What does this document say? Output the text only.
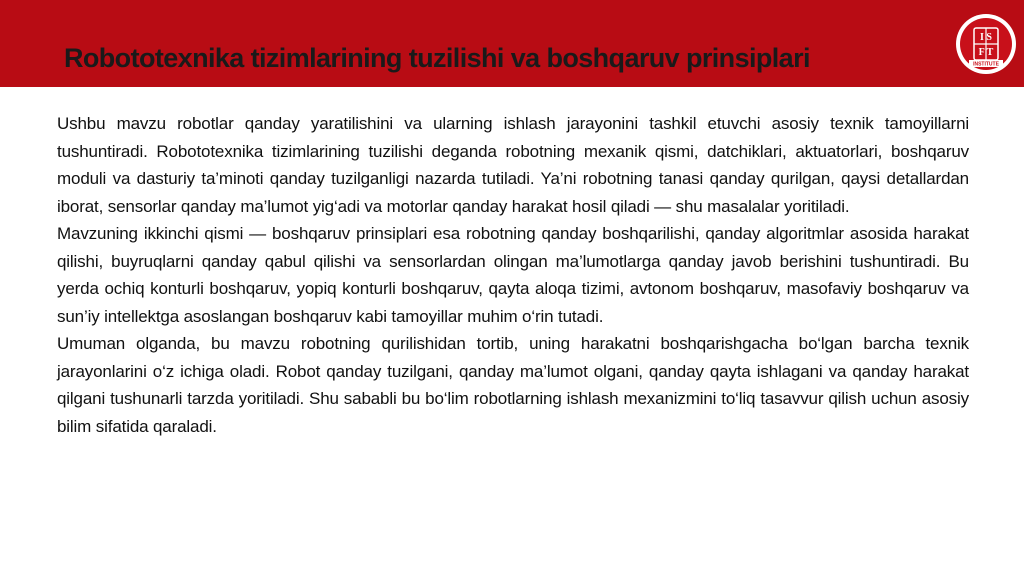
Robototexnika tizimlarining tuzilishi va boshqaruv prinsiplari
I S
F T
INSTITUTE

Ushbu mavzu robotlar qanday yaratilishini va ularning ishlash jarayonini tashkil etuvchi asosiy texnik tamoyillarni tushuntiradi. Robototexnika tizimlarining tuzilishi deganda robotning mexanik qismi, datchiklari, aktuatorlari, boshqaruv moduli va dasturiy ta’minoti qanday tuzilganligi nazarda tutiladi. Ya’ni robotning tanasi qanday qurilgan, qaysi detallardan iborat, sensorlar qanday ma’lumot yig‘adi va motorlar qanday harakat hosil qiladi — shu masalalar yoritiladi.

Mavzuning ikkinchi qismi — boshqaruv prinsiplari esa robotning qanday boshqarilishi, qanday algoritmlar asosida harakat qilishi, buyruqlarni qanday qabul qilishi va sensorlardan olingan ma’lumotlarga qanday javob berishini tushuntiradi. Bu yerda ochiq konturli boshqaruv, yopiq konturli boshqaruv, qayta aloqa tizimi, avtonom boshqaruv, masofaviy boshqaruv va sun’iy intellektga asoslangan boshqaruv kabi tamoyillar muhim o‘rin tutadi.

Umuman olganda, bu mavzu robotning qurilishidan tortib, uning harakatni boshqarishgacha bo‘lgan barcha texnik jarayonlarini o‘z ichiga oladi. Robot qanday tuzilgani, qanday ma’lumot olgani, qanday qayta ishlagani va qanday harakat qilgani tushunarli tarzda yoritiladi. Shu sababli bu bo‘lim robotlarning ishlash mexanizmini to‘liq tasavvur qilish uchun asosiy bilim sifatida qaraladi.
